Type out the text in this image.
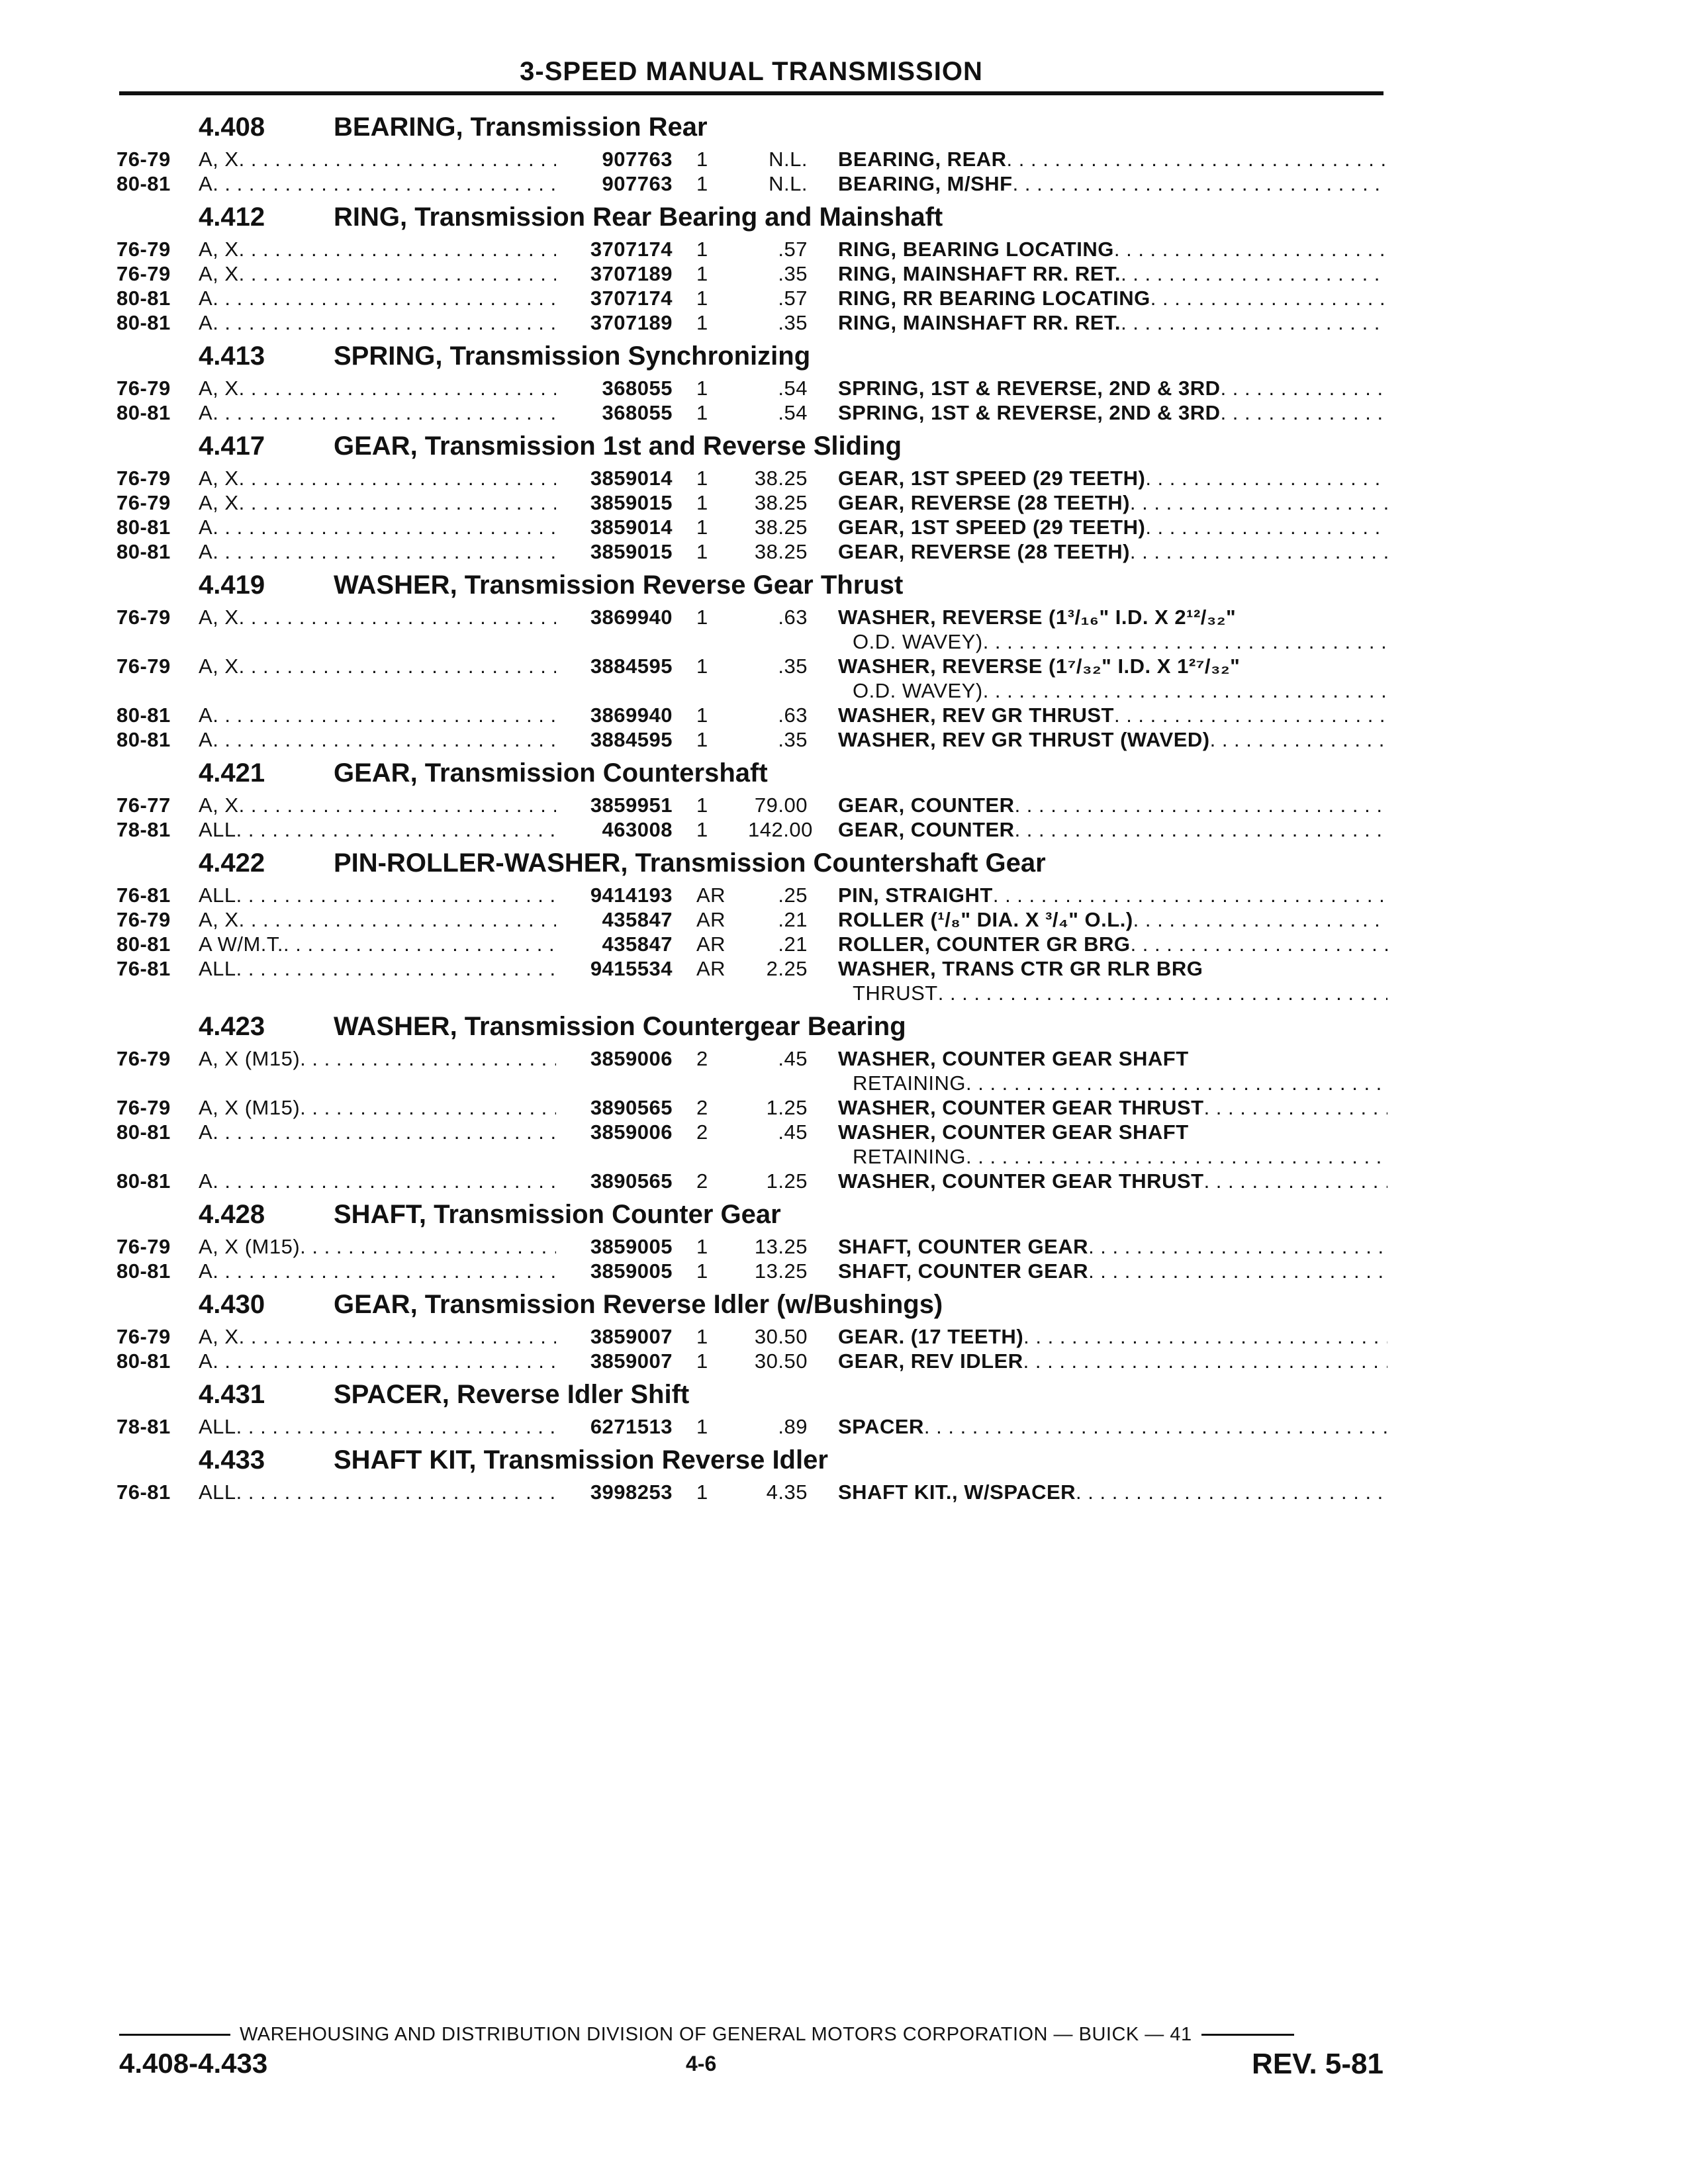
3-SPEED MANUAL TRANSMISSION
4.408	BEARING, Transmission Rear
76-79	A, X . . .	907763	1	N.L. BEARING, REAR
. . .
80-81	A . . .	907763	1	N.L. BEARING, M/SHF
. . .
4.412	RING, Transmission Rear Bearing and Mainshaft
76-79	A, X . . .	3707174	1	.57 RING, BEARING LOCATING
. . .
76-79	A, X . . .	3707189	1	.35 RING, MAINSHAFT RR. RET.
. . .
80-81	A . . .	3707174	1	.57 RING, RR BEARING LOCATING
. . .
80-81	A . . .	3707189	1	.35 RING, MAINSHAFT RR. RET.
. . .
4.413	SPRING, Transmission Synchronizing
76-79	A, X . . .	368055	1	.54 SPRING, 1ST & REVERSE, 2ND & 3RD
. . .
80-81	A . . .	368055	1	.54 SPRING, 1ST & REVERSE, 2ND & 3RD
. . .
4.417	GEAR, Transmission 1st and Reverse Sliding
76-79	A, X . . .	3859014	1	38.25 GEAR, 1ST SPEED (29 TEETH)
. . .
76-79	A, X . . .	3859015	1	38.25 GEAR, REVERSE (28 TEETH)
. . .
80-81	A . . .	3859014	1	38.25 GEAR, 1ST SPEED (29 TEETH)
. . .
80-81	A . . .	3859015	1	38.25 GEAR, REVERSE (28 TEETH)
. . .
4.419	WASHER, Transmission Reverse Gear Thrust
76-79	A, X . . .	3869940	1	.63 WASHER, REVERSE (1³/₁₆" I.D. X 2¹²/₃₂"
O.D. WAVEY)
. . .
76-79	A, X . . .	3884595	1	.35 WASHER, REVERSE (1⁷/₃₂" I.D. X 1²⁷/₃₂"
O.D. WAVEY)
. . .
80-81	A . . .	3869940	1	.63 WASHER, REV GR THRUST
. . .
80-81	A . . .	3884595	1	.35 WASHER, REV GR THRUST (WAVED)
. . .
4.421	GEAR, Transmission Countershaft
76-77	A, X . . .	3859951	1	79.00 GEAR, COUNTER
. . .
78-81	ALL . . .	463008	1	142.00 GEAR, COUNTER
. . .
4.422	PIN-ROLLER-WASHER, Transmission Countershaft Gear
76-81	ALL . . .	9414193	AR	.25 PIN, STRAIGHT
. . .
76-79	A, X . . .	435847	AR	.21 ROLLER (¹/₈" DIA. X ³/₄" O.L.)
. . .
80-81	A W/M.T. . . .	435847	AR	.21 ROLLER, COUNTER GR BRG
. . .
76-81	ALL . . .	9415534	AR	2.25 WASHER, TRANS CTR GR RLR BRG
THRUST
. . .
4.423	WASHER, Transmission Countergear Bearing
76-79	A, X (M15) . . .	3859006	2	.45 WASHER, COUNTER GEAR SHAFT
RETAINING
. . .
76-79	A, X (M15) . . .	3890565	2	1.25 WASHER, COUNTER GEAR THRUST
. . .
80-81	A . . .	3859006	2	.45 WASHER, COUNTER GEAR SHAFT
RETAINING
. . .
80-81	A . . .	3890565	2	1.25 WASHER, COUNTER GEAR THRUST
. . .
4.428	SHAFT, Transmission Counter Gear
76-79	A, X (M15) . . .	3859005	1	13.25 SHAFT, COUNTER GEAR
. . .
80-81	A . . .	3859005	1	13.25 SHAFT, COUNTER GEAR
. . .
4.430	GEAR, Transmission Reverse Idler (w/Bushings)
76-79	A, X . . .	3859007	1	30.50 GEAR. (17 TEETH)
. . .
80-81	A . . .	3859007	1	30.50 GEAR, REV IDLER
. . .
4.431	SPACER, Reverse Idler Shift
78-81	ALL . . .	6271513	1	.89 SPACER
. . .
4.433	SHAFT KIT, Transmission Reverse Idler
76-81	ALL . . .	3998253	1	4.35 SHAFT KIT., W/SPACER
. . .
WAREHOUSING AND DISTRIBUTION DIVISION OF GENERAL MOTORS CORPORATION — BUICK — 41
4.408-4.433	4-6	REV. 5-81
